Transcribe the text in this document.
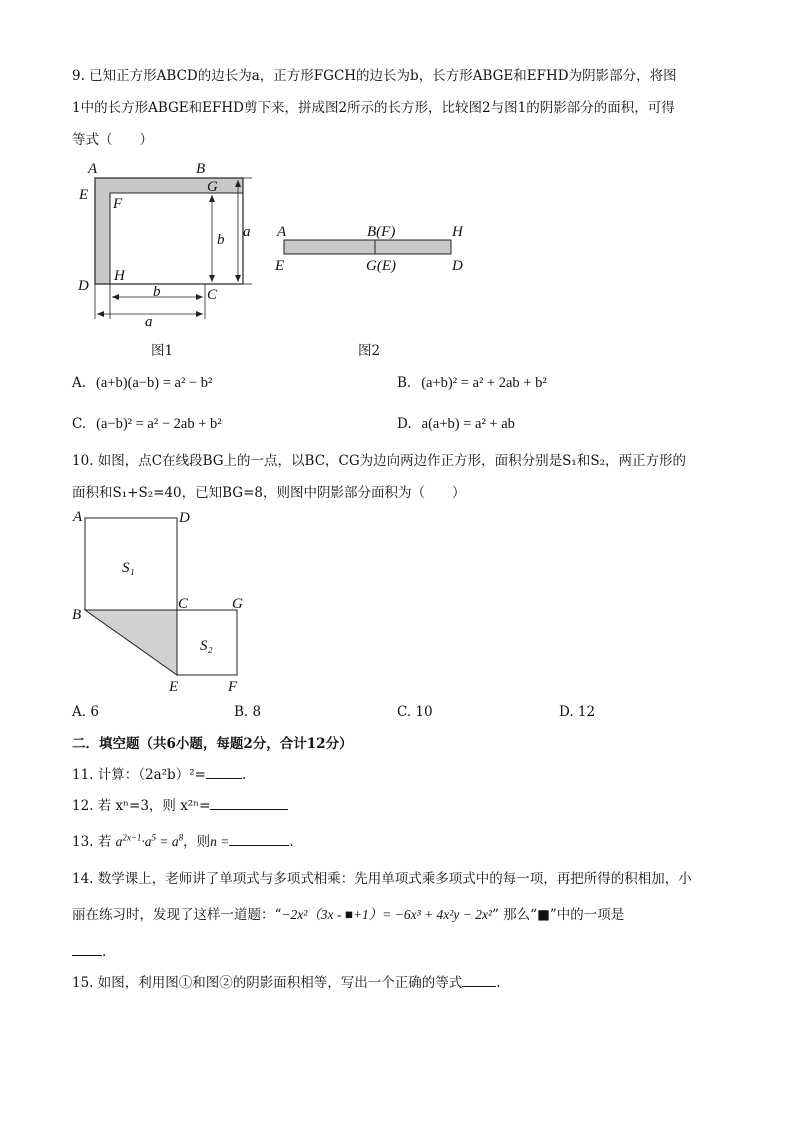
9. 已知正方形ABCD的边长为a，正方形FGCH的边长为b，长方形ABGE和EFHD为阴影部分，将图
1中的长方形ABGE和EFHD剪下来，拼成图2所示的长方形，比较图2与图1的阴影部分的面积，可得
等式（　　）
A	B
E	G
F
D
H
C
b a
b
a
A	B(F)	H
E	G(E)	D
图1	图2
A. (a+b)(a−b) = a² − b²	B. (a+b)² = a² + 2ab + b²
C. (a−b)² = a² − 2ab + b²	D. a(a+b) = a² + ab
10. 如图，点C在线段BG上的一点，以BC，CG为边向两边作正方形，面积分别是S₁和S₂，两正方形的
面积和S₁+S₂=40，已知BG=8，则图中阴影部分面积为（　　）
A	D
S₁
B
C	G
S₂
E	F
A. 6	B. 8	C. 10	D. 12
二．填空题（共6小题，每题2分，合计12分）
11. 计算：（2a²b）²=	.
12. 若 xⁿ=3，则 x²ⁿ=
13. 若 $a^{2x-1}\cdot a^5 = a^8$，则n =	.
14. 数学课上，老师讲了单项式与多项式相乘：先用单项式乘多项式中的每一项，再把所得的积相加，小
丽在练习时，发现了这样一道题：“−2x²（3x - ■+1）= −6x³ + 4x²y − 2x²” 那么“■”中的一项是
.
15. 如图，利用图①和图②的阴影面积相等，写出一个正确的等式	.
